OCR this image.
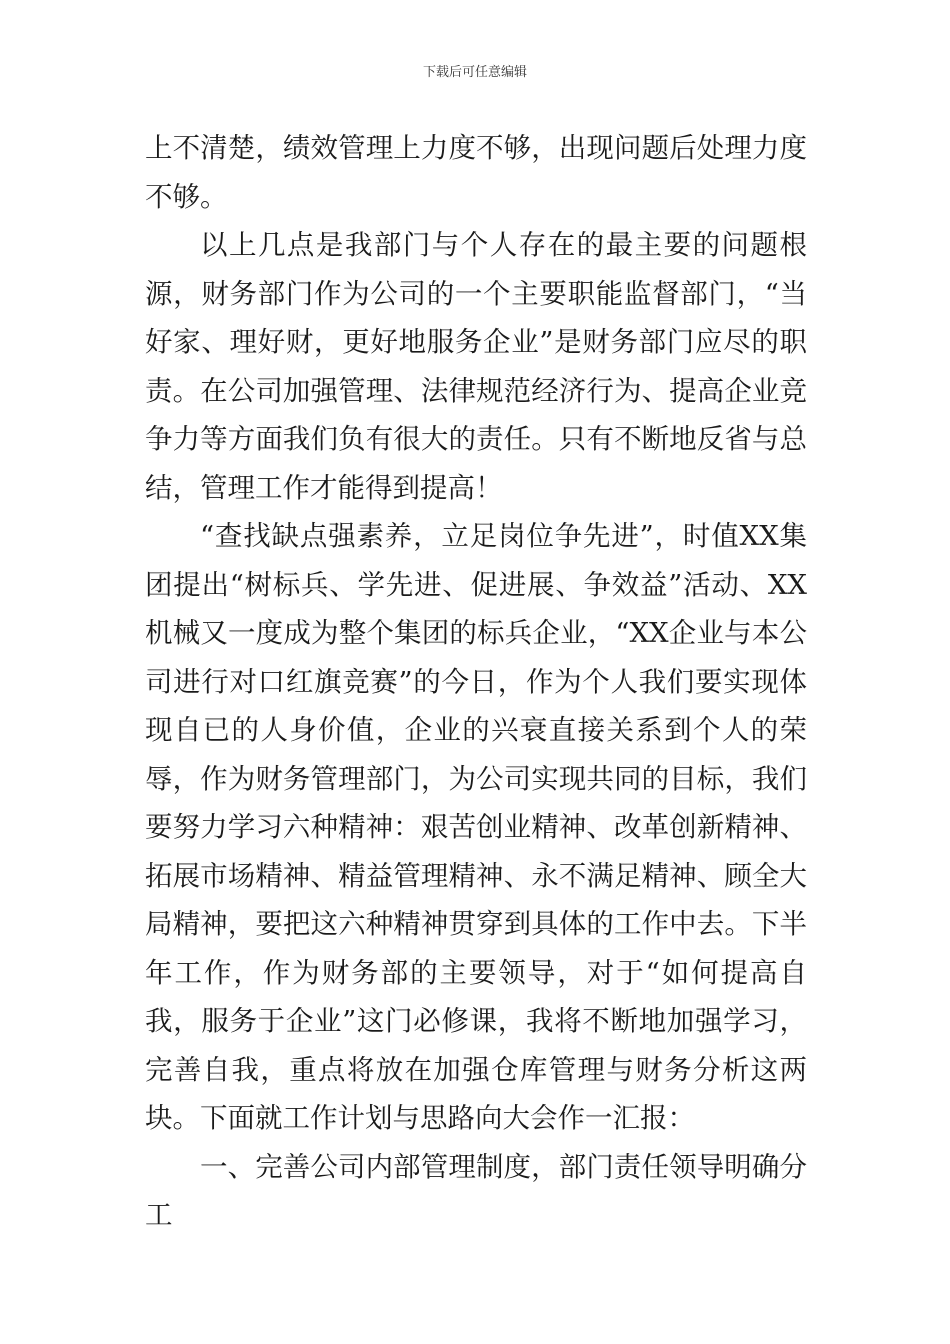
下载后可任意编辑

上不清楚，绩效管理上力度不够，出现问题后处理力度不够。

以上几点是我部门与个人存在的最主要的问题根源，财务部门作为公司的一个主要职能监督部门，“当好家、理好财，更好地服务企业”是财务部门应尽的职责。在公司加强管理、法律规范经济行为、提高企业竞争力等方面我们负有很大的责任。只有不断地反省与总结，管理工作才能得到提高！

“查找缺点强素养，立足岗位争先进”，时值XX集团提出“树标兵、学先进、促进展、争效益”活动、XX机械又一度成为整个集团的标兵企业，“XX企业与本公司进行对口红旗竞赛”的今日，作为个人我们要实现体现自已的人身价值，企业的兴衰直接关系到个人的荣辱，作为财务管理部门，为公司实现共同的目标，我们要努力学习六种精神：艰苦创业精神、改革创新精神、拓展市场精神、精益管理精神、永不满足精神、顾全大局精神，要把这六种精神贯穿到具体的工作中去。下半年工作，作为财务部的主要领导，对于“如何提高自我，服务于企业”这门必修课，我将不断地加强学习，完善自我，重点将放在加强仓库管理与财务分析这两块。下面就工作计划与思路向大会作一汇报：

一、完善公司内部管理制度，部门责任领导明确分工
